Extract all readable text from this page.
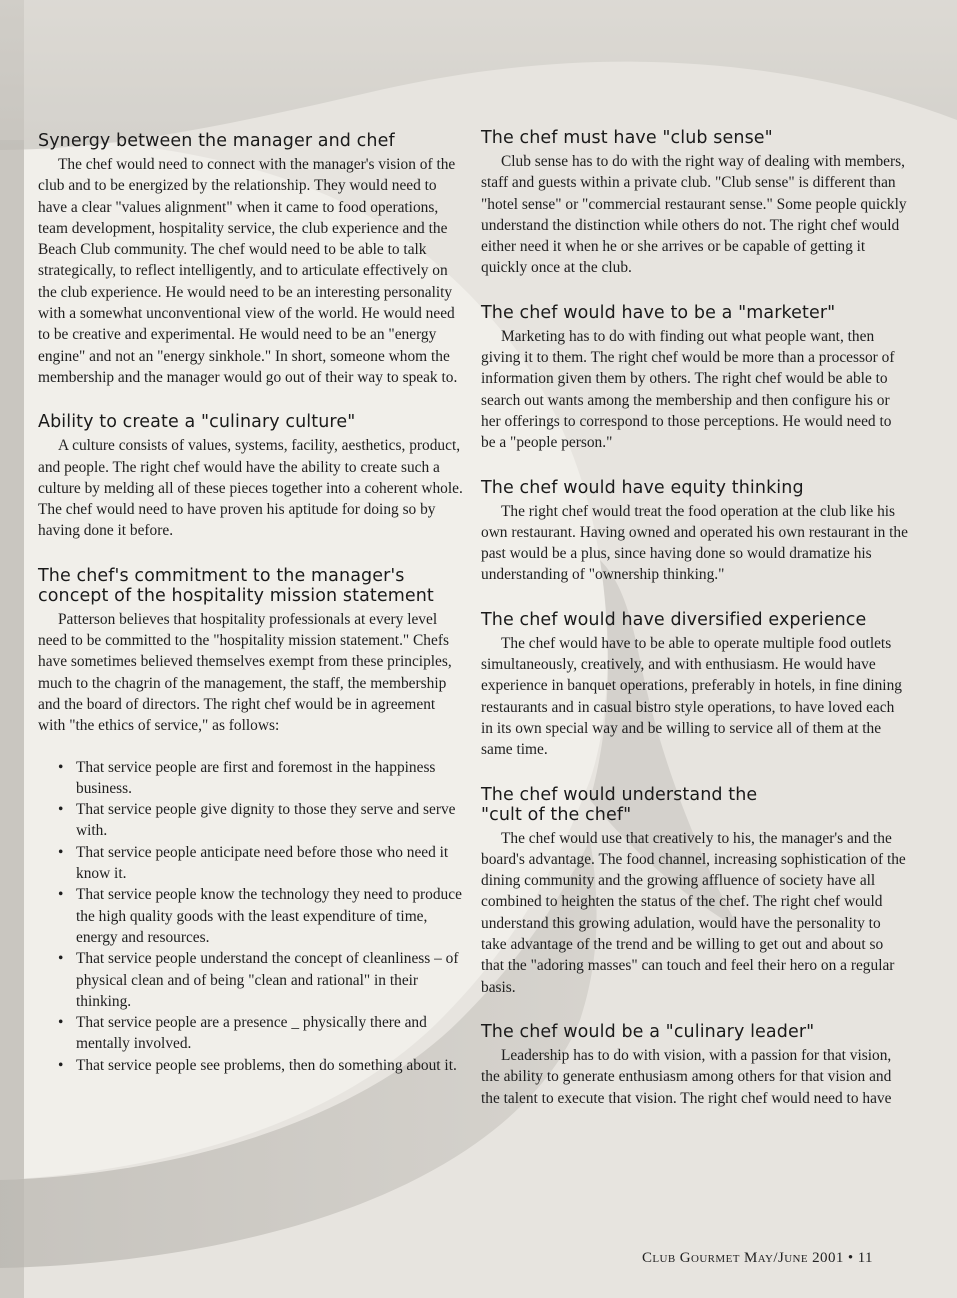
Synergy between the manager and chef

The chef would need to connect with the manager's vision of the club and to be energized by the relationship. They would need to have a clear "values alignment" when it came to food operations, team development, hospitality service, the club experience and the Beach Club community. The chef would need to be able to talk strategically, to reflect intelligently, and to articulate effectively on the club experience. He would need to be an interesting personality with a somewhat unconventional view of the world. He would need to be creative and experimental. He would need to be an "energy engine" and not an "energy sinkhole." In short, someone whom the membership and the manager would go out of their way to speak to.

Ability to create a "culinary culture"

A culture consists of values, systems, facility, aesthetics, product, and people. The right chef would have the ability to create such a culture by melding all of these pieces together into a coherent whole. The chef would need to have proven his aptitude for doing so by having done it before.

The chef's commitment to the manager's concept of the hospitality mission statement

Patterson believes that hospitality professionals at every level need to be committed to the "hospitality mission statement." Chefs have sometimes believed themselves exempt from these principles, much to the chagrin of the management, the staff, the membership and the board of directors. The right chef would be in agreement with "the ethics of service," as follows:

• That service people are first and foremost in the happiness business.
• That service people give dignity to those they serve and serve with.
• That service people anticipate need before those who need it know it.
• That service people know the technology they need to produce the high quality goods with the least expenditure of time, energy and resources.
• That service people understand the concept of cleanliness – of physical clean and of being "clean and rational" in their thinking.
• That service people are a presence _ physically there and mentally involved.
• That service people see problems, then do something about it.
The chef must have "club sense"

Club sense has to do with the right way of dealing with members, staff and guests within a private club. "Club sense" is different than "hotel sense" or "commercial restaurant sense." Some people quickly understand the distinction while others do not. The right chef would either need it when he or she arrives or be capable of getting it quickly once at the club.

The chef would have to be a "marketer"

Marketing has to do with finding out what people want, then giving it to them. The right chef would be more than a processor of information given them by others. The right chef would be able to search out wants among the membership and then configure his or her offerings to correspond to those perceptions. He would need to be a "people person."

The chef would have equity thinking

The right chef would treat the food operation at the club like his own restaurant. Having owned and operated his own restaurant in the past would be a plus, since having done so would dramatize his understanding of "ownership thinking."

The chef would have diversified experience

The chef would have to be able to operate multiple food outlets simultaneously, creatively, and with enthusiasm. He would have experience in banquet operations, preferably in hotels, in fine dining restaurants and in casual bistro style operations, to have loved each in its own special way and be willing to service all of them at the same time.

The chef would understand the "cult of the chef"

The chef would use that creatively to his, the manager's and the board's advantage. The food channel, increasing sophistication of the dining community and the growing affluence of society have all combined to heighten the status of the chef. The right chef would understand this growing adulation, would have the personality to take advantage of the trend and be willing to get out and about so that the "adoring masses" can touch and feel their hero on a regular basis.

The chef would be a "culinary leader"

Leadership has to do with vision, with a passion for that vision, the ability to generate enthusiasm among others for that vision and the talent to execute that vision. The right chef would need to have

Club Gourmet May/June 2001 • 11
